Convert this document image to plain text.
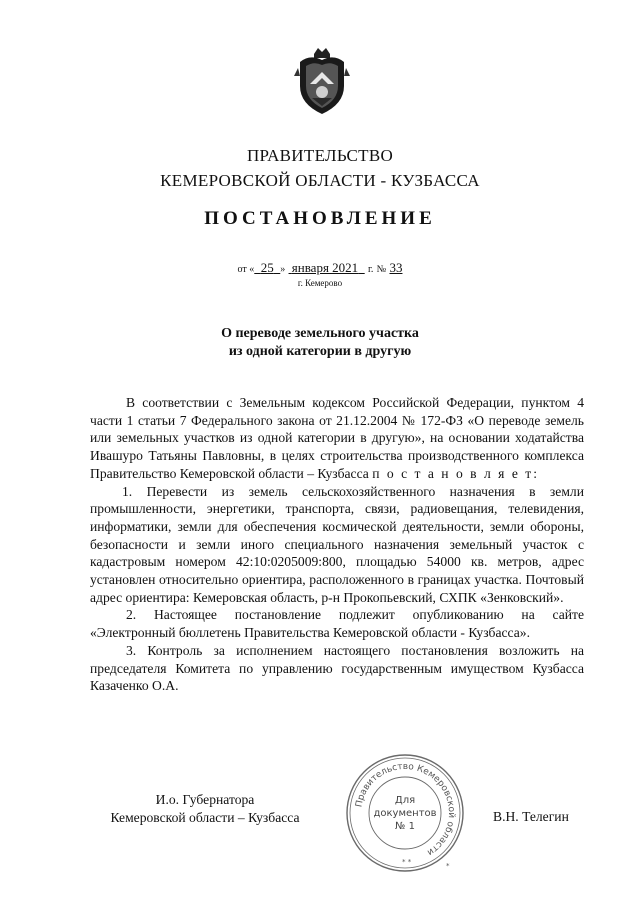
ПРАВИТЕЛЬСТВО
КЕМЕРОВСКОЙ ОБЛАСТИ - КУЗБАССА
ПОСТАНОВЛЕНИЕ
от « 25 » января 2021 г. № 33
г. Кемерово
О переводе земельного участка
из одной категории в другую

В соответствии с Земельным кодексом Российской Федерации, пунктом 4 части 1 статьи 7 Федерального закона от 21.12.2004 № 172-ФЗ «О переводе земель или земельных участков из одной категории в другую», на основании ходатайства Ивашуро Татьяны Павловны, в целях строительства производственного комплекса Правительство Кемеровской области – Кузбасса п о с т а н о в л я е т:

1. Перевести из земель сельскохозяйственного назначения в земли промышленности, энергетики, транспорта, связи, радиовещания, телевидения, информатики, земли для обеспечения космической деятельности, земли обороны, безопасности и земли иного специального назначения земельный участок с кадастровым номером 42:10:0205009:800, площадью 54000 кв. метров, адрес установлен относительно ориентира, расположенного в границах участка. Почтовый адрес ориентира: Кемеровская область, р-н Прокопьевский, СХПК «Зенковский».

2. Настоящее постановление подлежит опубликованию на сайте «Электронный бюллетень Правительства Кемеровской области - Кузбасса».

3. Контроль за исполнением настоящего постановления возложить на председателя Комитета по управлению государственным имуществом Кузбасса Казаченко О.А.

И.о. Губернатора
Кемеровской области – Кузбасса	В.Н. Телегин
Правительство Кемеровской области
*
* *
Для
документов
№ 1
